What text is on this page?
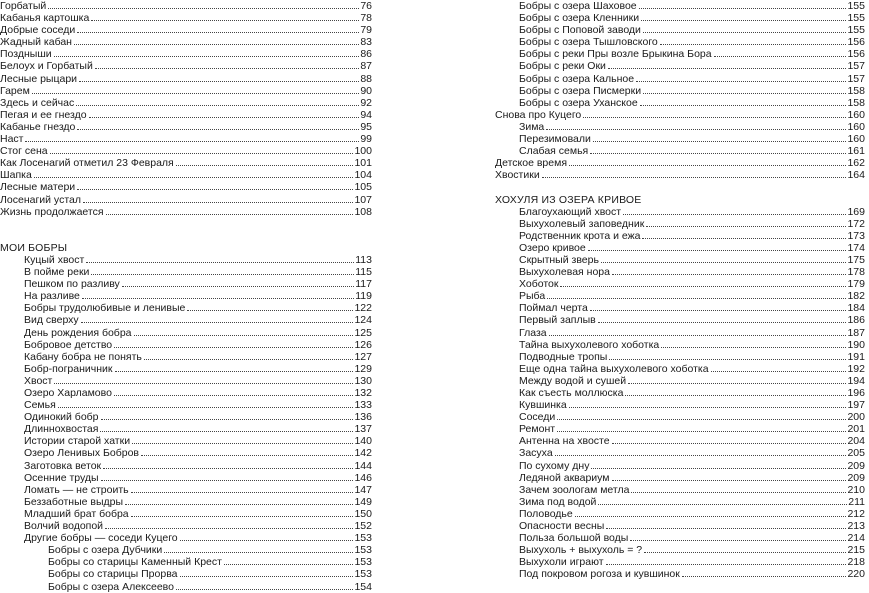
Горбатый	76
Кабанья картошка	78
Добрые соседи	79
Жадный кабан	83
Поздныши	86
Белоух и Горбатый	87
Лесные рыцари	88
Гарем	90
Здесь и сейчас	92
Пегая и ее гнездо	94
Кабанье гнездо	95
Наст	99
Стог сена	100
Как Лосенагий отметил 23 Февраля	101
Шапка	104
Лесные матери	105
Лосенагий устал	107
Жизнь продолжается	108
МОИ БОБРЫ
Куцый хвост	113
В пойме реки	115
Пешком по разливу	117
На разливе	119
Бобры трудолюбивые и ленивые	122
Вид сверху	124
День рождения бобра	125
Бобровое детство	126
Кабану бобра не понять	127
Бобр-пограничник	129
Хвост	130
Озеро Харламово	132
Семья	133
Одинокий бобр	136
Длиннохвостая	137
Истории старой хатки	140
Озеро Ленивых Бобров	142
Заготовка веток	144
Осенние труды	146
Ломать — не строить	147
Беззаботные выдры	149
Младший брат бобра	150
Волчий водопой	152
Другие бобры — соседи Куцего	153
Бобры с озера Дубчики	153
Бобры со старицы Каменный Крест	153
Бобры со старицы Прорва	153
Бобры с озера Алексеево	154
Бобры с озера Шаховое	155
Бобры с озера Кленники	155
Бобры с Поповой заводи	155
Бобры с озера Тышловского	156
Бобры с реки Пры возле Брыкина Бора	156
Бобры с реки Оки	157
Бобры с озера Кальное	157
Бобры с озера Писмерки	158
Бобры с озера Уханское	158
Снова про Куцего	160
Зима	160
Перезимовали	160
Слабая семья	161
Детское время	162
Хвостики	164
ХОХУЛЯ ИЗ ОЗЕРА КРИВОЕ
Благоухающий хвост	169
Выхухолевый заповедник	172
Родственник крота и ежа	173
Озеро кривое	174
Скрытный зверь	175
Выхухолевая нора	178
Хоботок	179
Рыба	182
Поймал черта	184
Первый заплыв	186
Глаза	187
Тайна выхухолевого хоботка	190
Подводные тропы	191
Еще одна тайна выхухолевого хоботка	192
Между водой и сушей	194
Как съесть моллюска	196
Кувшинка	197
Соседи	200
Ремонт	201
Антенна на хвосте	204
Засуха	205
По сухому дну	209
Ледяной аквариум	209
Зачем зоологам метла	210
Зима под водой	211
Половодье	212
Опасности весны	213
Польза большой воды	214
Выхухоль + выхухоль = ?	215
Выхухоли играют	218
Под покровом рогоза и кувшинок	220
